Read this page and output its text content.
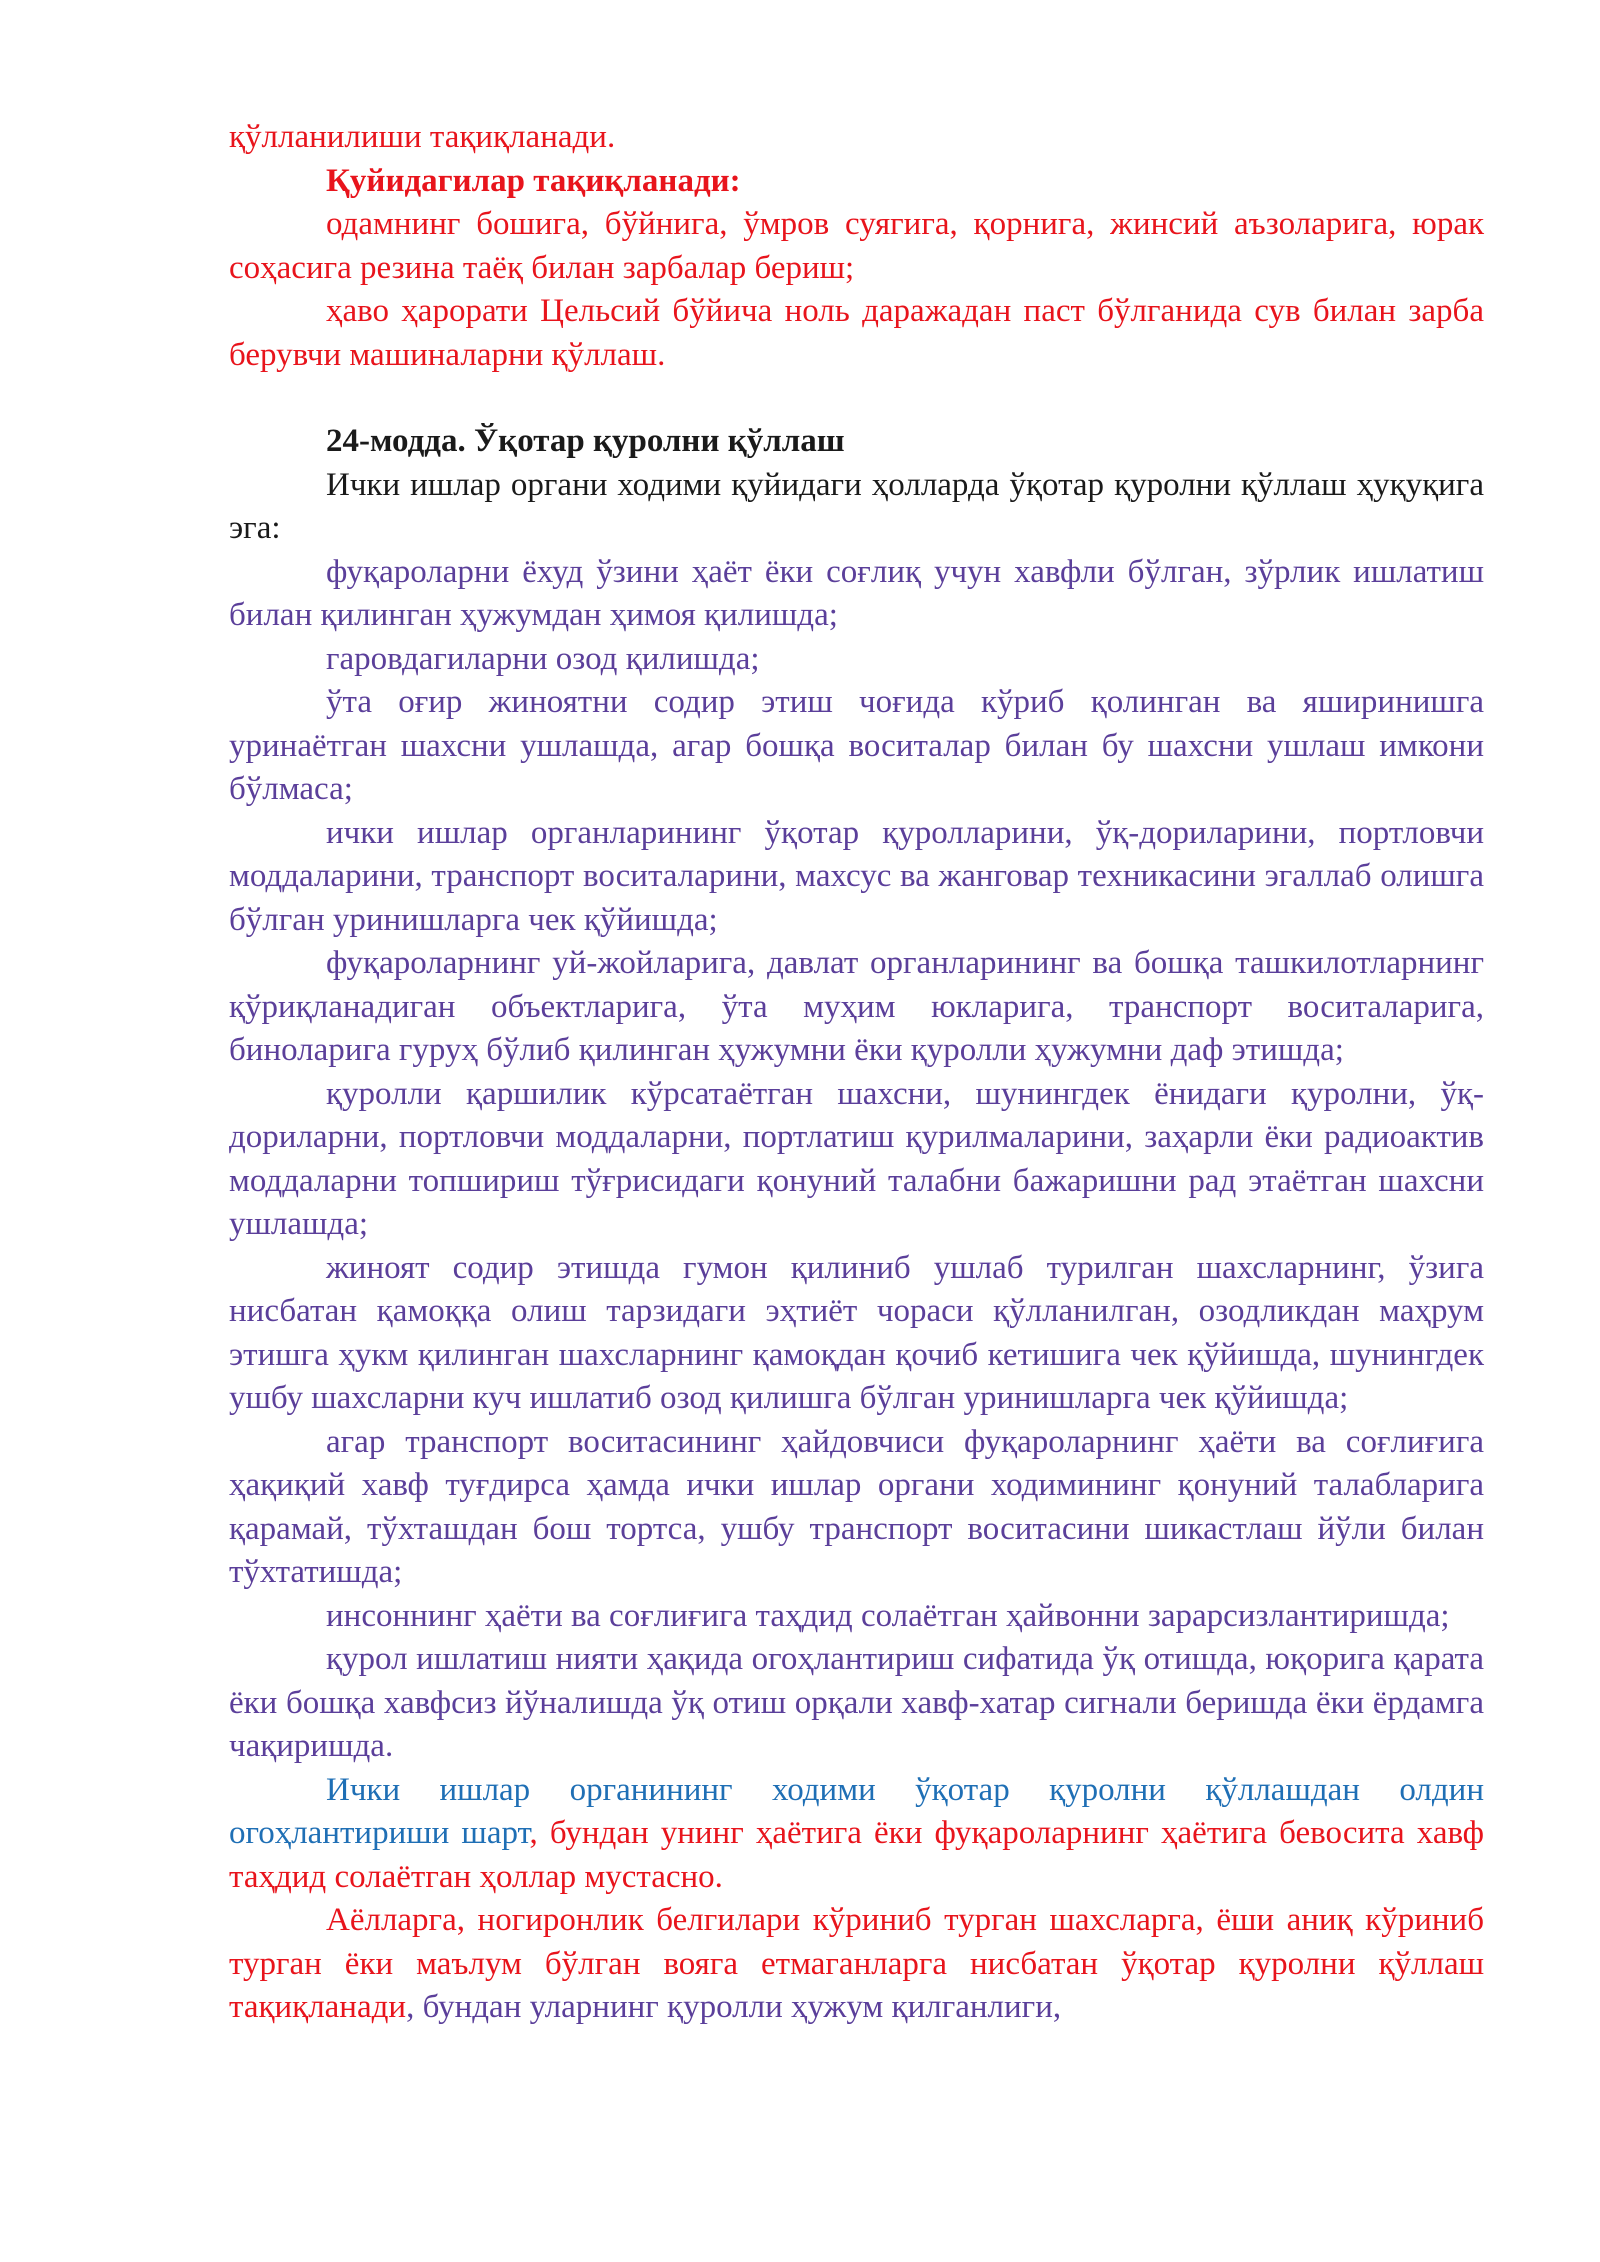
қўлланилиши тақиқланади.

Қуйидагилар тақиқланади:

одамнинг бошига, бўйнига, ўмров суягига, қорнига, жинсий аъзоларига, юрак соҳасига резина таёқ билан зарбалар бериш;

ҳаво ҳарорати Цельсий бўйича ноль даражадан паст бўлганида сув билан зарба берувчи машиналарни қўллаш.

24-модда. Ўқотар қуролни қўллаш

Ички ишлар органи ходими қуйидаги ҳолларда ўқотар қуролни қўллаш ҳуқуқига эга:

фуқароларни ёхуд ўзини ҳаёт ёки соғлиқ учун хавфли бўлган, зўрлик ишлатиш билан қилинган ҳужумдан ҳимоя қилишда;

гаровдагиларни озод қилишда;

ўта оғир жиноятни содир этиш чоғида кўриб қолинган ва яширинишга уринаётган шахсни ушлашда, агар бошқа воситалар билан бу шахсни ушлаш имкони бўлмаса;

ички ишлар органларининг ўқотар қуролларини, ўқ-дориларини, портловчи моддаларини, транспорт воситаларини, махсус ва жанговар техникасини эгаллаб олишга бўлган уринишларга чек қўйишда;

фуқароларнинг уй-жойларига, давлат органларининг ва бошқа ташкилотларнинг қўриқланадиган объектларига, ўта муҳим юкларига, транспорт воситаларига, биноларига гуруҳ бўлиб қилинган ҳужумни ёки қуролли ҳужумни даф этишда;

қуролли қаршилик кўрсатаётган шахсни, шунингдек ёнидаги қуролни, ўқ-дориларни, портловчи моддаларни, портлатиш қурилмаларини, заҳарли ёки радиоактив моддаларни топшириш тўғрисидаги қонуний талабни бажаришни рад этаётган шахсни ушлашда;

жиноят содир этишда гумон қилиниб ушлаб турилган шахсларнинг, ўзига нисбатан қамоққа олиш тарзидаги эҳтиёт чораси қўлланилган, озодликдан маҳрум этишга ҳукм қилинган шахсларнинг қамоқдан қочиб кетишига чек қўйишда, шунингдек ушбу шахсларни куч ишлатиб озод қилишга бўлган уринишларга чек қўйишда;

агар транспорт воситасининг ҳайдовчиси фуқароларнинг ҳаёти ва соғлиғига ҳақиқий хавф туғдирса ҳамда ички ишлар органи ходимининг қонуний талабларига қарамай, тўхташдан бош тортса, ушбу транспорт воситасини шикастлаш йўли билан тўхтатишда;

инсоннинг ҳаёти ва соғлиғига таҳдид солаётган ҳайвонни зарарсизлантиришда;

қурол ишлатиш нияти ҳақида огоҳлантириш сифатида ўқ отишда, юқорига қарата ёки бошқа хавфсиз йўналишда ўқ отиш орқали хавф-хатар сигнали беришда ёки ёрдамга чақиришда.

Ички ишлар органининг ходими ўқотар қуролни қўллашдан олдин огоҳлантириши шарт, бундан унинг ҳаётига ёки фуқароларнинг ҳаётига бевосита хавф таҳдид солаётган ҳоллар мустасно.

Аёлларга, ногиронлик белгилари кўриниб турган шахсларга, ёши аниқ кўриниб турган ёки маълум бўлган вояга етмаганларга нисбатан ўқотар қуролни қўллаш тақиқланади, бундан уларнинг қуролли ҳужум қилганлиги,
